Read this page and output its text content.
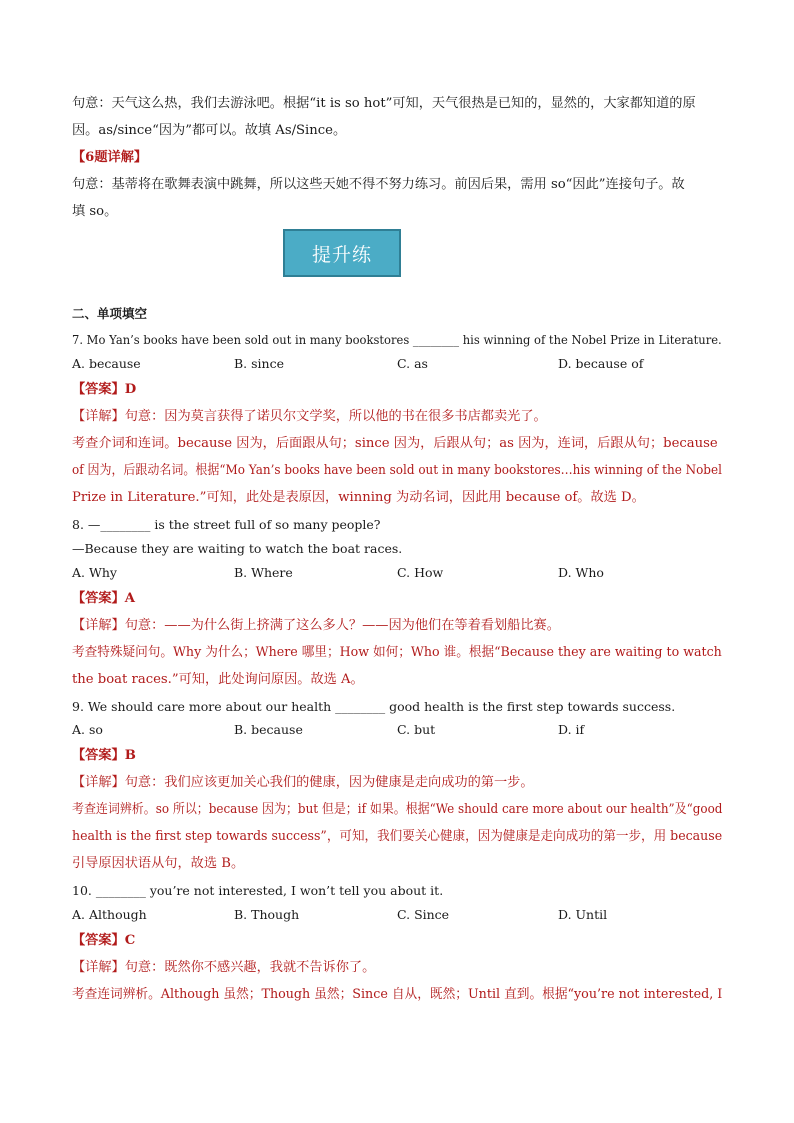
句意：天气这么热，我们去游泳吧。根据“it is so hot”可知，天气很热是已知的，显然的，大家都知道的原
因。as/since“因为”都可以。故填 As/Since。
【6题详解】
句意：基蒂将在歌舞表演中跳舞，所以这些天她不得不努力练习。前因后果，需用 so“因此”连接句子。故
填 so。
提升练
二、单项填空
7. Mo Yan’s books have been sold out in many bookstores ________ his winning of the Nobel Prize in Literature.
A. because	B. since	C. as	D. because of
【答案】D
【详解】句意：因为莫言获得了诺贝尔文学奖，所以他的书在很多书店都卖光了。
考查介词和连词。because 因为，后面跟从句；since 因为，后跟从句；as 因为，连词，后跟从句；because
of 因为，后跟动名词。根据“Mo Yan’s books have been sold out in many bookstores…his winning of the Nobel
Prize in Literature.”可知，此处是表原因，winning 为动名词，因此用 because of。故选 D。
8. —________ is the street full of so many people?
—Because they are waiting to watch the boat races.
A. Why	B. Where	C. How	D. Who
【答案】A
【详解】句意：——为什么街上挤满了这么多人？——因为他们在等着看划船比赛。
考查特殊疑问句。Why 为什么；Where 哪里；How 如何；Who 谁。根据“Because they are waiting to watch
the boat races.”可知，此处询问原因。故选 A。
9. We should care more about our health ________ good health is the first step towards success.
A. so	B. because	C. but	D. if
【答案】B
【详解】句意：我们应该更加关心我们的健康，因为健康是走向成功的第一步。
考查连词辨析。so 所以；because 因为；but 但是；if 如果。根据“We should care more about our health”及“good
health is the first step towards success”，可知，我们要关心健康，因为健康是走向成功的第一步，用 because
引导原因状语从句，故选 B。
10. ________ you’re not interested, I won’t tell you about it.
A. Although	B. Though	C. Since	D. Until
【答案】C
【详解】句意：既然你不感兴趣，我就不告诉你了。
考查连词辨析。Although 虽然；Though 虽然；Since 自从，既然；Until 直到。根据“you’re not interested, I
